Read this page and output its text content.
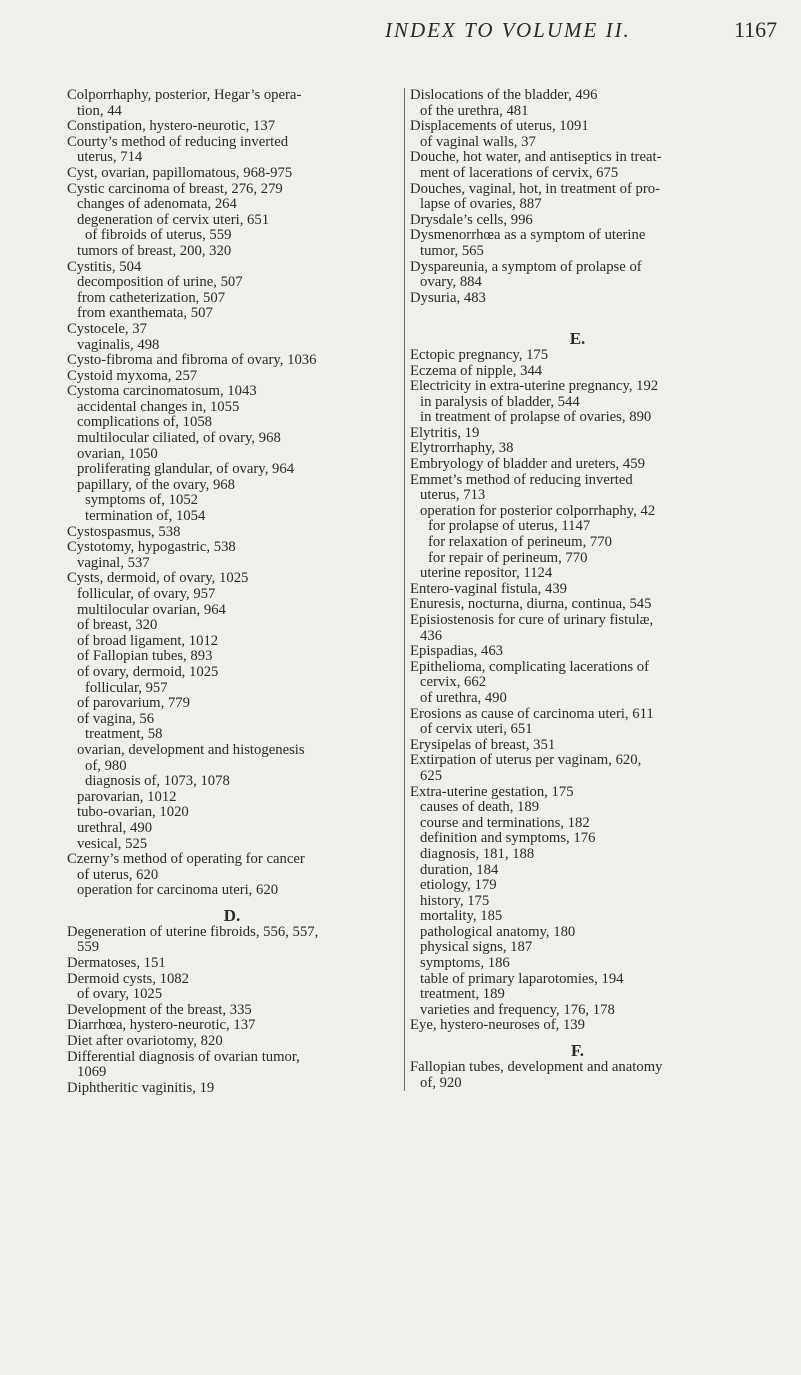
INDEX TO VOLUME II.	1167
Colporrhaphy, posterior, Hegar’s opera-
tion, 44
Constipation, hystero-neurotic, 137
Courty’s method of reducing inverted
uterus, 714
Cyst, ovarian, papillomatous, 968-975
Cystic carcinoma of breast, 276, 279
changes of adenomata, 264
degeneration of cervix uteri, 651
of fibroids of uterus, 559
tumors of breast, 200, 320
Cystitis, 504
decomposition of urine, 507
from catheterization, 507
from exanthemata, 507
Cystocele, 37
vaginalis, 498
Cysto-fibroma and fibroma of ovary, 1036
Cystoid myxoma, 257
Cystoma carcinomatosum, 1043
accidental changes in, 1055
complications of, 1058
multilocular ciliated, of ovary, 968
ovarian, 1050
proliferating glandular, of ovary, 964
papillary, of the ovary, 968
symptoms of, 1052
termination of, 1054
Cystospasmus, 538
Cystotomy, hypogastric, 538
vaginal, 537
Cysts, dermoid, of ovary, 1025
follicular, of ovary, 957
multilocular ovarian, 964
of breast, 320
of broad ligament, 1012
of Fallopian tubes, 893
of ovary, dermoid, 1025
follicular, 957
of parovarium, 779
of vagina, 56
treatment, 58
ovarian, development and histogenesis
of, 980
diagnosis of, 1073, 1078
parovarian, 1012
tubo-ovarian, 1020
urethral, 490
vesical, 525
Czerny’s method of operating for cancer
of uterus, 620
operation for carcinoma uteri, 620
D.
Degeneration of uterine fibroids, 556, 557,
559
Dermatoses, 151
Dermoid cysts, 1082
of ovary, 1025
Development of the breast, 335
Diarrhœa, hystero-neurotic, 137
Diet after ovariotomy, 820
Differential diagnosis of ovarian tumor,
1069
Diphtheritic vaginitis, 19
Dislocations of the bladder, 496
of the urethra, 481
Displacements of uterus, 1091
of vaginal walls, 37
Douche, hot water, and antiseptics in treat-
ment of lacerations of cervix, 675
Douches, vaginal, hot, in treatment of pro-
lapse of ovaries, 887
Drysdale’s cells, 996
Dysmenorrhœa as a symptom of uterine
tumor, 565
Dyspareunia, a symptom of prolapse of
ovary, 884
Dysuria, 483
E.
Ectopic pregnancy, 175
Eczema of nipple, 344
Electricity in extra-uterine pregnancy, 192
in paralysis of bladder, 544
in treatment of prolapse of ovaries, 890
Elytritis, 19
Elytrorrhaphy, 38
Embryology of bladder and ureters, 459
Emmet’s method of reducing inverted
uterus, 713
operation for posterior colporrhaphy, 42
for prolapse of uterus, 1147
for relaxation of perineum, 770
for repair of perineum, 770
uterine repositor, 1124
Entero-vaginal fistula, 439
Enuresis, nocturna, diurna, continua, 545
Episiostenosis for cure of urinary fistulæ,
436
Epispadias, 463
Epithelioma, complicating lacerations of
cervix, 662
of urethra, 490
Erosions as cause of carcinoma uteri, 611
of cervix uteri, 651
Erysipelas of breast, 351
Extirpation of uterus per vaginam, 620,
625
Extra-uterine gestation, 175
causes of death, 189
course and terminations, 182
definition and symptoms, 176
diagnosis, 181, 188
duration, 184
etiology, 179
history, 175
mortality, 185
pathological anatomy, 180
physical signs, 187
symptoms, 186
table of primary laparotomies, 194
treatment, 189
varieties and frequency, 176, 178
Eye, hystero-neuroses of, 139
F.
Fallopian tubes, development and anatomy
of, 920
